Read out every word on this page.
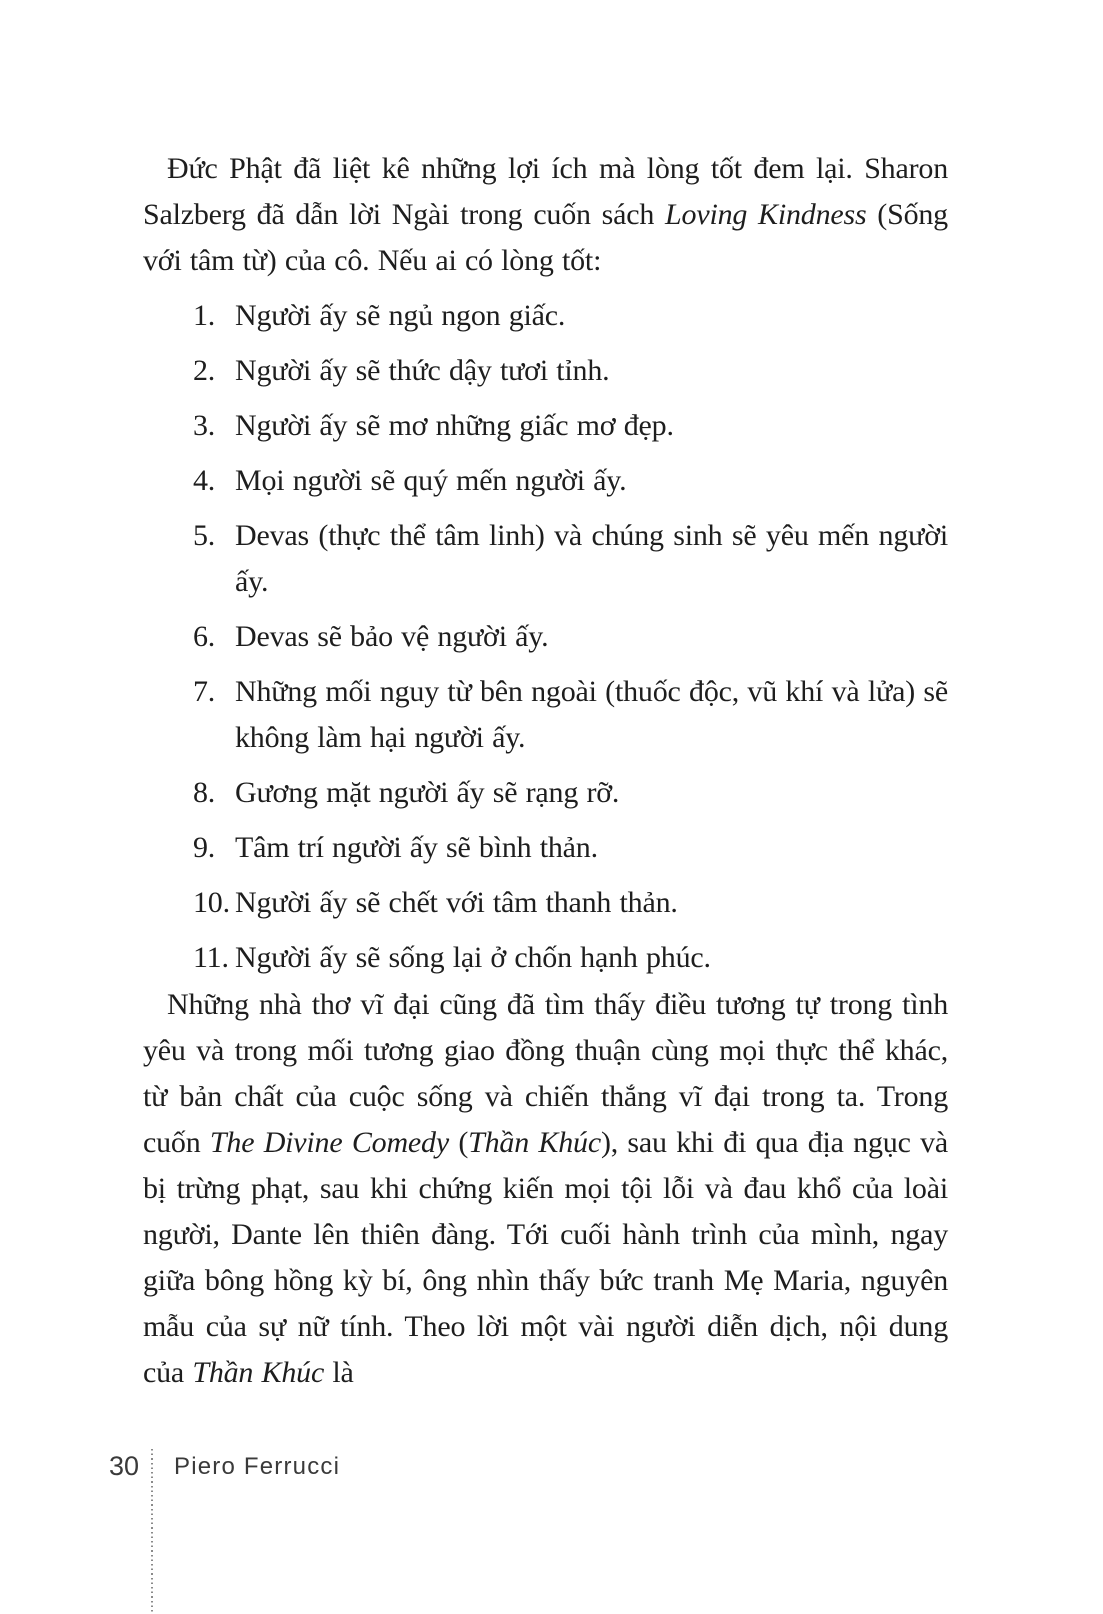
Đức Phật đã liệt kê những lợi ích mà lòng tốt đem lại. Sharon Salzberg đã dẫn lời Ngài trong cuốn sách Loving Kindness (Sống với tâm từ) của cô. Nếu ai có lòng tốt:

1. Người ấy sẽ ngủ ngon giấc.
2. Người ấy sẽ thức dậy tươi tỉnh.
3. Người ấy sẽ mơ những giấc mơ đẹp.
4. Mọi người sẽ quý mến người ấy.
5. Devas (thực thể tâm linh) và chúng sinh sẽ yêu mến người ấy.
6. Devas sẽ bảo vệ người ấy.
7. Những mối nguy từ bên ngoài (thuốc độc, vũ khí và lửa) sẽ không làm hại người ấy.
8. Gương mặt người ấy sẽ rạng rỡ.
9. Tâm trí người ấy sẽ bình thản.
10. Người ấy sẽ chết với tâm thanh thản.
11. Người ấy sẽ sống lại ở chốn hạnh phúc.

Những nhà thơ vĩ đại cũng đã tìm thấy điều tương tự trong tình yêu và trong mối tương giao đồng thuận cùng mọi thực thể khác, từ bản chất của cuộc sống và chiến thắng vĩ đại trong ta. Trong cuốn The Divine Comedy (Thần Khúc), sau khi đi qua địa ngục và bị trừng phạt, sau khi chứng kiến mọi tội lỗi và đau khổ của loài người, Dante lên thiên đàng. Tới cuối hành trình của mình, ngay giữa bông hồng kỳ bí, ông nhìn thấy bức tranh Mẹ Maria, nguyên mẫu của sự nữ tính. Theo lời một vài người diễn dịch, nội dung của Thần Khúc là

30 Piero Ferrucci
